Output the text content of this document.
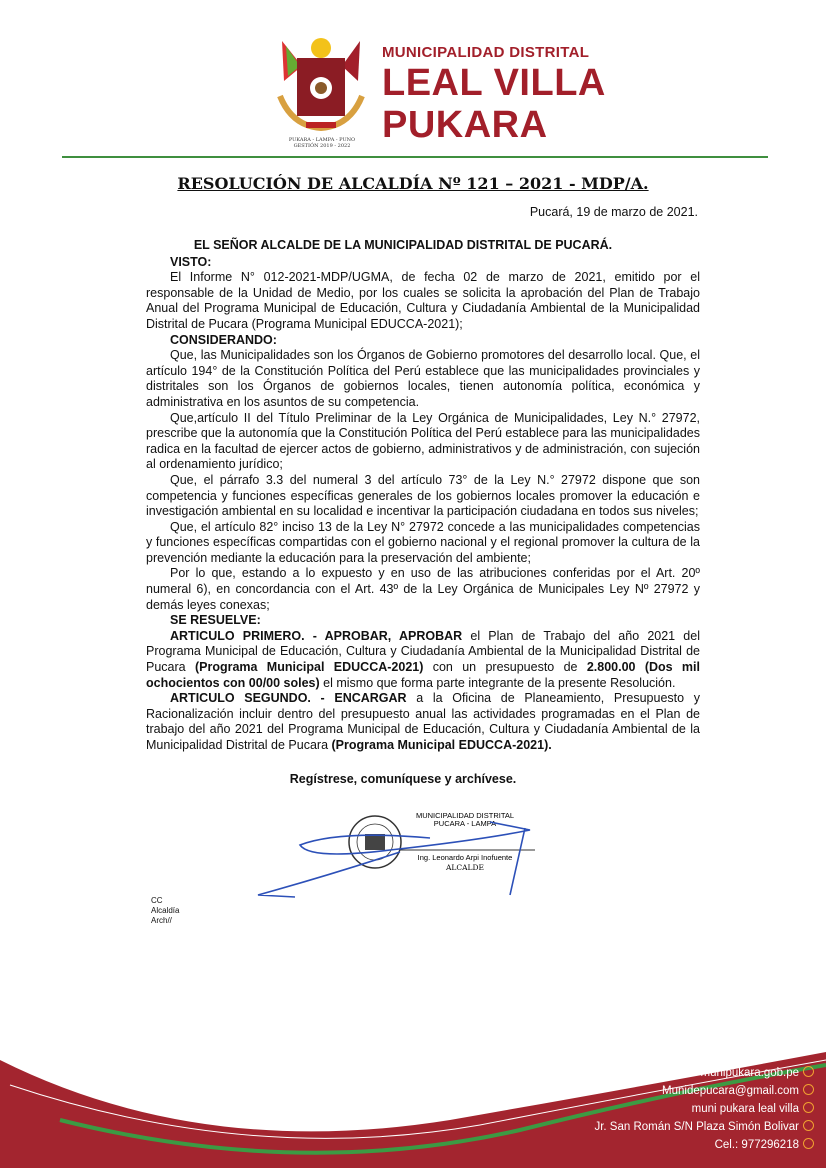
PUKARA - LAMPA - PUNO
GESTIÓN 2019 - 2022
MUNICIPALIDAD DISTRITAL
LEAL VILLA
PUKARA
RESOLUCIÓN DE ALCALDÍA Nº 121 – 2021 - MDP/A.
Pucará, 19 de marzo de 2021.

EL SEÑOR ALCALDE DE LA MUNICIPALIDAD DISTRITAL DE PUCARÁ.

VISTO:

El Informe N° 012-2021-MDP/UGMA, de fecha 02 de marzo de 2021, emitido por el responsable de la Unidad de Medio, por los cuales se solicita la aprobación del Plan de Trabajo Anual del Programa Municipal de Educación, Cultura y Ciudadanía Ambiental de la Municipalidad Distrital de Pucara (Programa Municipal EDUCCA-2021);

CONSIDERANDO:

Que, las Municipalidades son los Órganos de Gobierno promotores del desarrollo local. Que, el artículo 194° de la Constitución Política del Perú establece que las municipalidades provinciales y distritales son los Órganos de gobiernos locales, tienen autonomía política, económica y administrativa en los asuntos de su competencia.

Que,artículo II del Título Preliminar de la Ley Orgánica de Municipalidades, Ley N.° 27972, prescribe que la autonomía que la Constitución Política del Perú establece para las municipalidades radica en la facultad de ejercer actos de gobierno, administrativos y de administración, con sujeción al ordenamiento jurídico;

Que, el párrafo 3.3 del numeral 3 del artículo 73° de la Ley N.° 27972 dispone que son competencia y funciones específicas generales de los gobiernos locales promover la educación e investigación ambiental en su localidad e incentivar la participación ciudadana en todos sus niveles;

Que, el artículo 82° inciso 13 de la Ley N° 27972 concede a las municipalidades competencias y funciones específicas compartidas con el gobierno nacional y el regional promover la cultura de la prevención mediante la educación para la preservación del ambiente;

Por lo que, estando a lo expuesto y en uso de las atribuciones conferidas por el Art. 20º numeral 6), en concordancia con el Art. 43º de la Ley Orgánica de Municipales Ley Nº 27972 y demás leyes conexas;

SE RESUELVE:

ARTICULO PRIMERO. - APROBAR, APROBAR el Plan de Trabajo del año 2021 del Programa Municipal de Educación, Cultura y Ciudadanía Ambiental de la Municipalidad Distrital de Pucara (Programa Municipal EDUCCA-2021) con un presupuesto de 2.800.00 (Dos mil ochocientos con 00/00 soles) el mismo que forma parte integrante de la presente Resolución.

ARTICULO SEGUNDO. - ENCARGAR a la Oficina de Planeamiento, Presupuesto y Racionalización incluir dentro del presupuesto anual las actividades programadas en el Plan de trabajo del año 2021 del Programa Municipal de Educación, Cultura y Ciudadanía Ambiental de la Municipalidad Distrital de Pucara (Programa Municipal EDUCCA-2021).

Regístrese, comuníquese y archívese.
MUNICIPALIDAD DISTRITAL
PUCARA - LAMPA
Ing. Leonardo Arpi Inofuente
ALCALDE
CC
Alcaldía
Arch//
"Servir al Pueblo con toda Lealtad"	munipukara.gob.pe
Munidepucara@gmail.com
muni pukara leal villa
Jr. San Román S/N Plaza Simón Bolivar
Cel.: 977296218
